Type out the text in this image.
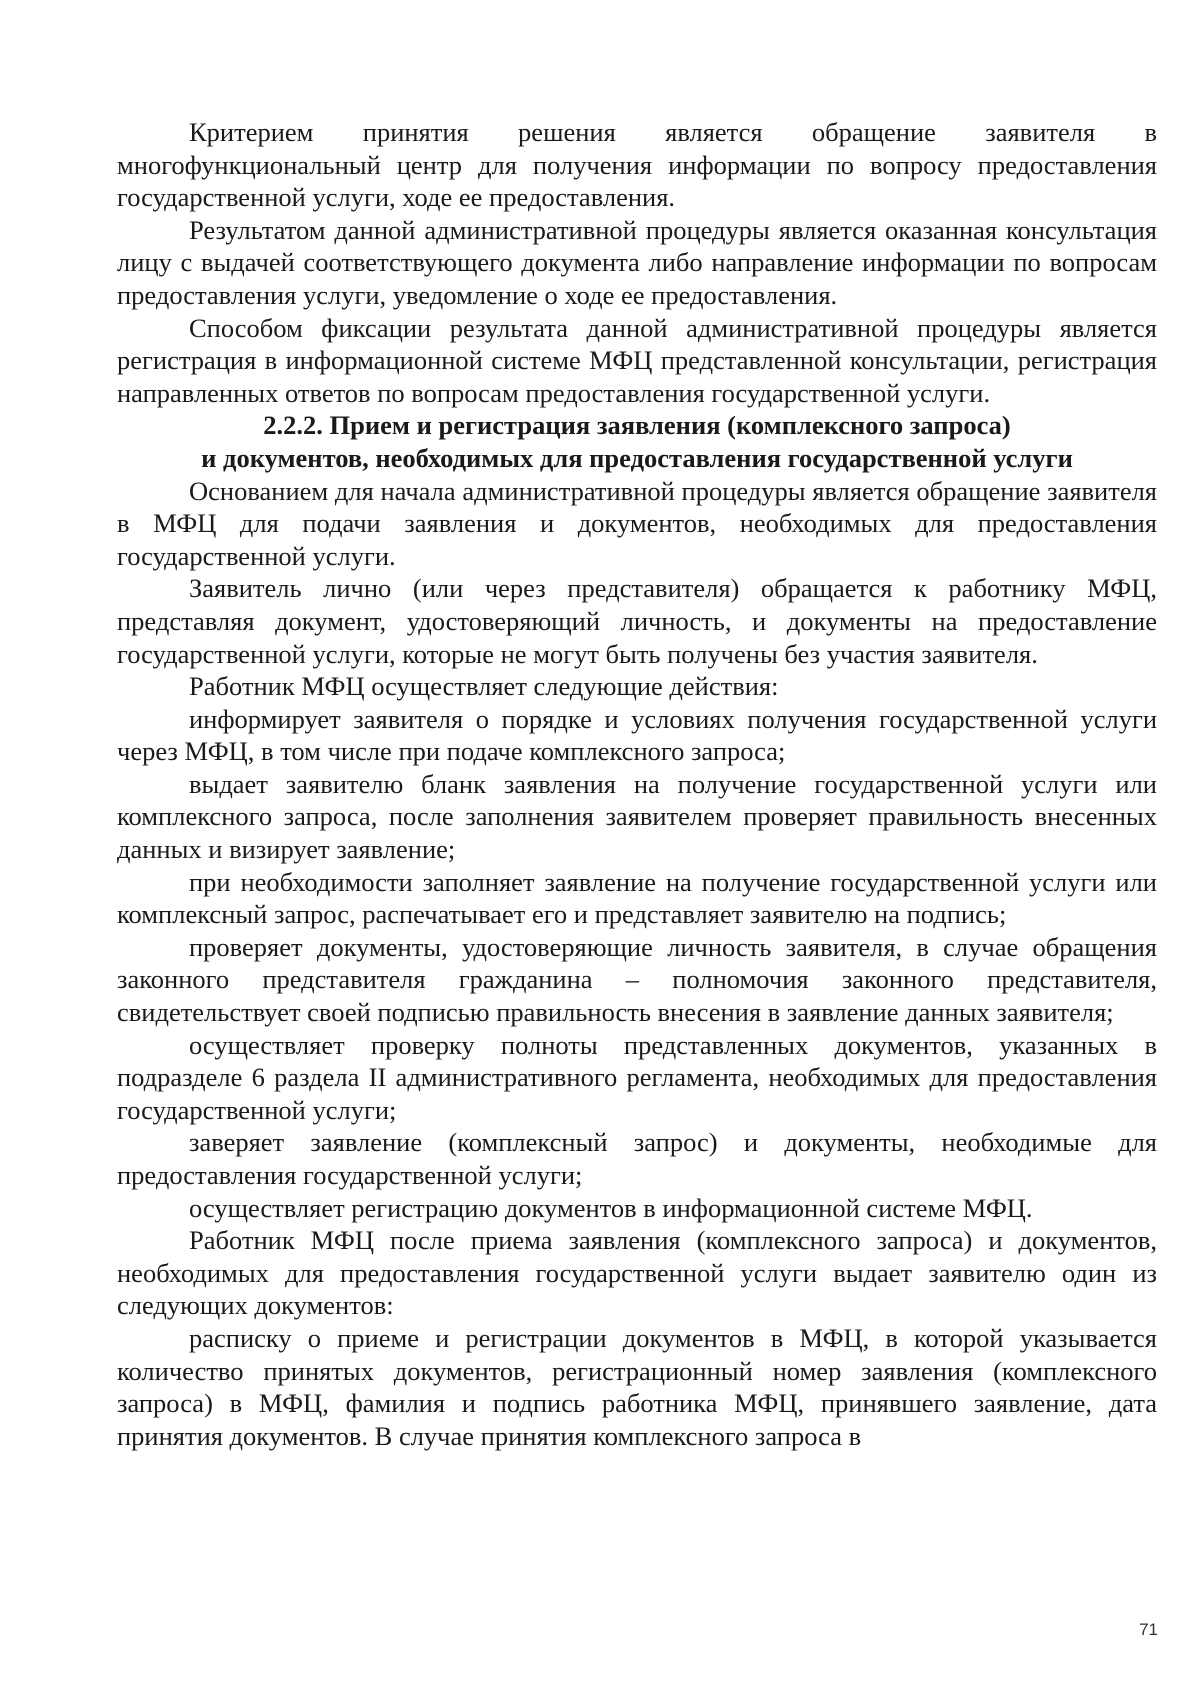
Критерием принятия решения является обращение заявителя в многофункциональный центр для получения информации по вопросу предоставления государственной услуги, ходе ее предоставления.

Результатом данной административной процедуры является оказанная консультация лицу с выдачей соответствующего документа либо направление информации по вопросам предоставления услуги, уведомление о ходе ее предоставления.

Способом фиксации результата данной административной процедуры является регистрация в информационной системе МФЦ представленной консультации, регистрация направленных ответов по вопросам предоставления государственной услуги.

2.2.2. Прием и регистрация заявления (комплексного запроса)
и документов, необходимых для предоставления государственной услуги

Основанием для начала административной процедуры является обращение заявителя в МФЦ для подачи заявления и документов, необходимых для предоставления государственной услуги.

Заявитель лично (или через представителя) обращается к работнику МФЦ, представляя документ, удостоверяющий личность, и документы на предоставление государственной услуги, которые не могут быть получены без участия заявителя.

Работник МФЦ осуществляет следующие действия:

информирует заявителя о порядке и условиях получения государственной услуги через МФЦ, в том числе при подаче комплексного запроса;

выдает заявителю бланк заявления на получение государственной услуги или комплексного запроса, после заполнения заявителем проверяет правильность внесенных данных и визирует заявление;

при необходимости заполняет заявление на получение государственной услуги или комплексный запрос, распечатывает его и представляет заявителю на подпись;

проверяет документы, удостоверяющие личность заявителя, в случае обращения законного представителя гражданина – полномочия законного представителя, свидетельствует своей подписью правильность внесения в заявление данных заявителя;

осуществляет проверку полноты представленных документов, указанных в подразделе 6 раздела II административного регламента, необходимых для предоставления государственной услуги;

заверяет заявление (комплексный запрос) и документы, необходимые для предоставления государственной услуги;

осуществляет регистрацию документов в информационной системе МФЦ.

Работник МФЦ после приема заявления (комплексного запроса) и документов, необходимых для предоставления государственной услуги выдает заявителю один из следующих документов:

расписку о приеме и регистрации документов в МФЦ, в которой указывается количество принятых документов, регистрационный номер заявления (комплексного запроса) в МФЦ, фамилия и подпись работника МФЦ, принявшего заявление, дата принятия документов. В случае принятия комплексного запроса в

71
